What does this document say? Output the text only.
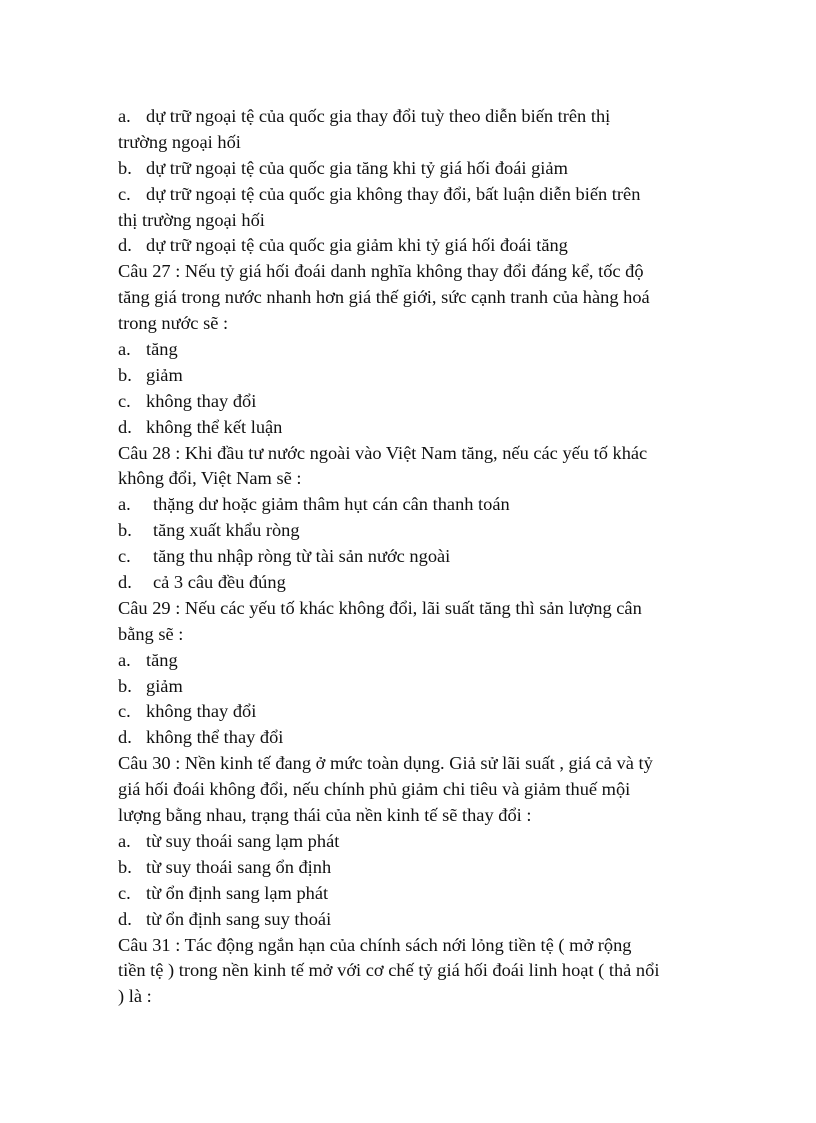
a. dự trữ ngoại tệ của quốc gia thay đổi tuỳ theo diễn biến trên thị
trường ngoại hối
b. dự trữ ngoại tệ của quốc gia tăng khi tỷ giá hối đoái giảm
c. dự trữ ngoại tệ của quốc gia không thay đổi, bất luận diễn biến trên
thị trường ngoại hối
d. dự trữ ngoại tệ của quốc gia giảm khi tỷ giá hối đoái tăng
Câu 27 : Nếu tỷ giá hối đoái danh nghĩa không thay đổi đáng kể, tốc độ
tăng giá trong nước nhanh hơn giá thế giới, sức cạnh tranh của hàng hoá
trong nước sẽ :
a. tăng
b. giảm
c. không thay đổi
d. không thể kết luận
Câu 28 : Khi đầu tư nước ngoài vào Việt Nam tăng, nếu các yếu tố khác
không đổi, Việt Nam sẽ :
a. thặng dư hoặc giảm thâm hụt cán cân thanh toán
b. tăng xuất khẩu ròng
c. tăng thu nhập ròng từ tài sản nước ngoài
d. cả 3 câu đều đúng
Câu 29 : Nếu các yếu tố khác không đổi, lãi suất tăng thì sản lượng cân
bằng sẽ :
a. tăng
b. giảm
c. không thay đổi
d. không thể thay đổi
Câu 30 : Nền kinh tế đang ở mức toàn dụng. Giả sử lãi suất , giá cả và tỷ
giá hối đoái không đổi, nếu chính phủ giảm chi tiêu và giảm thuế mội
lượng bằng nhau, trạng thái của nền kinh tế sẽ thay đổi :
a. từ suy thoái sang lạm phát
b. từ suy thoái sang ổn định
c. từ ổn định sang lạm phát
d. từ ổn định sang suy thoái
Câu 31 : Tác động ngắn hạn của chính sách nới lỏng tiền tệ ( mở rộng
tiền tệ ) trong nền kinh tế mở với cơ chế tỷ giá hối đoái linh hoạt ( thả nổi
) là :
